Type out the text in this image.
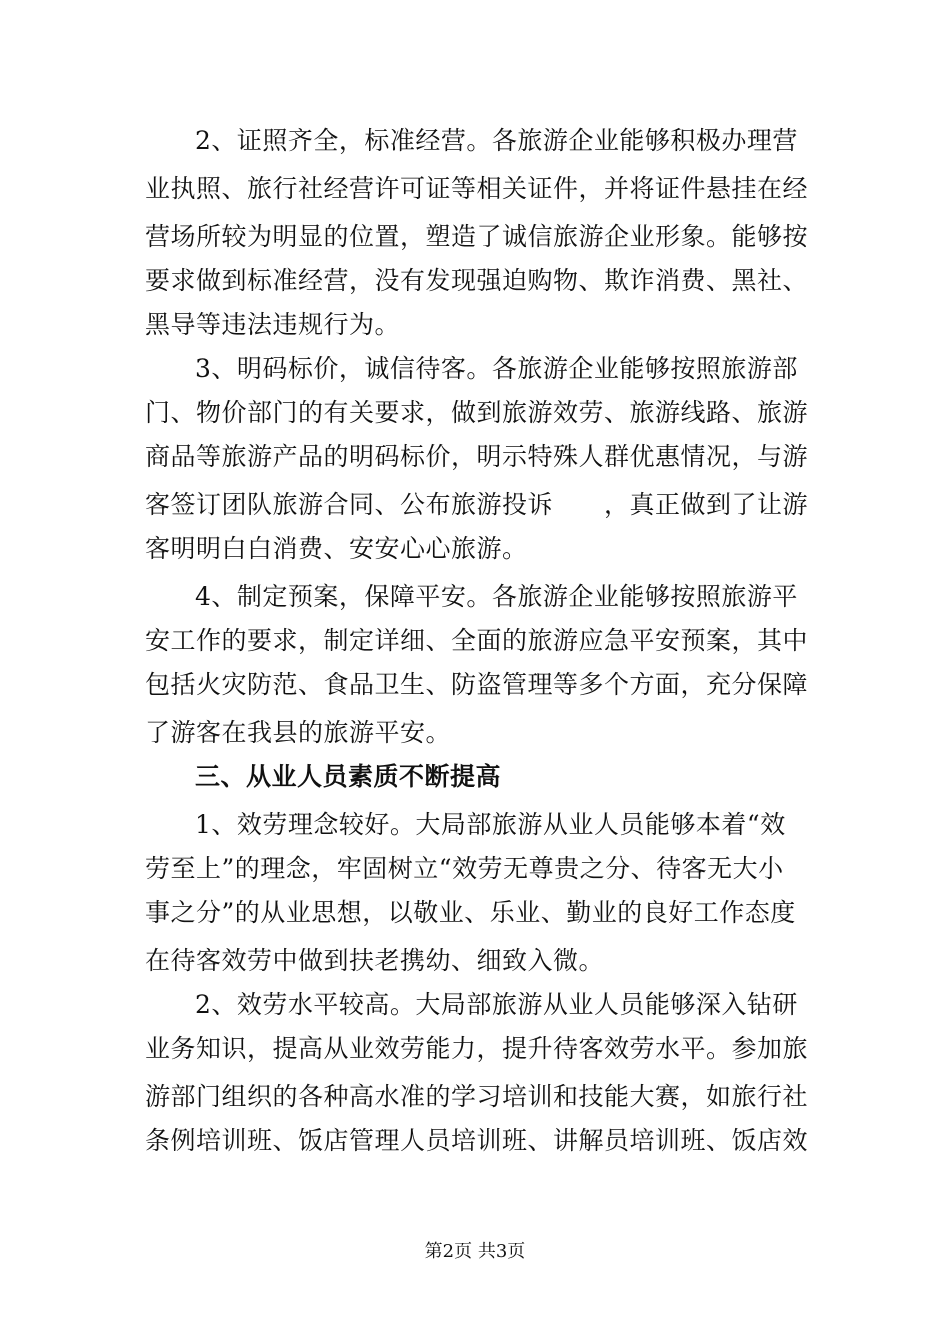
2、证照齐全，标准经营。各旅游企业能够积极办理营
业执照、旅行社经营许可证等相关证件，并将证件悬挂在经
营场所较为明显的位置，塑造了诚信旅游企业形象。能够按
要求做到标准经营，没有发现强迫购物、欺诈消费、黑社、
黑导等违法违规行为。
3、明码标价，诚信待客。各旅游企业能够按照旅游部
门、物价部门的有关要求，做到旅游效劳、旅游线路、旅游
商品等旅游产品的明码标价，明示特殊人群优惠情况，与游
客签订团队旅游合同、公布旅游投诉　　，真正做到了让游
客明明白白消费、安安心心旅游。
4、制定预案，保障平安。各旅游企业能够按照旅游平
安工作的要求，制定详细、全面的旅游应急平安预案，其中
包括火灾防范、食品卫生、防盗管理等多个方面，充分保障
了游客在我县的旅游平安。
三、从业人员素质不断提高
1、效劳理念较好。大局部旅游从业人员能够本着“效
劳至上”的理念，牢固树立“效劳无尊贵之分、待客无大小
事之分”的从业思想，以敬业、乐业、勤业的良好工作态度
在待客效劳中做到扶老携幼、细致入微。
2、效劳水平较高。大局部旅游从业人员能够深入钻研
业务知识，提高从业效劳能力，提升待客效劳水平。参加旅
游部门组织的各种高水准的学习培训和技能大赛，如旅行社
条例培训班、饭店管理人员培训班、讲解员培训班、饭店效
第2页 共3页
